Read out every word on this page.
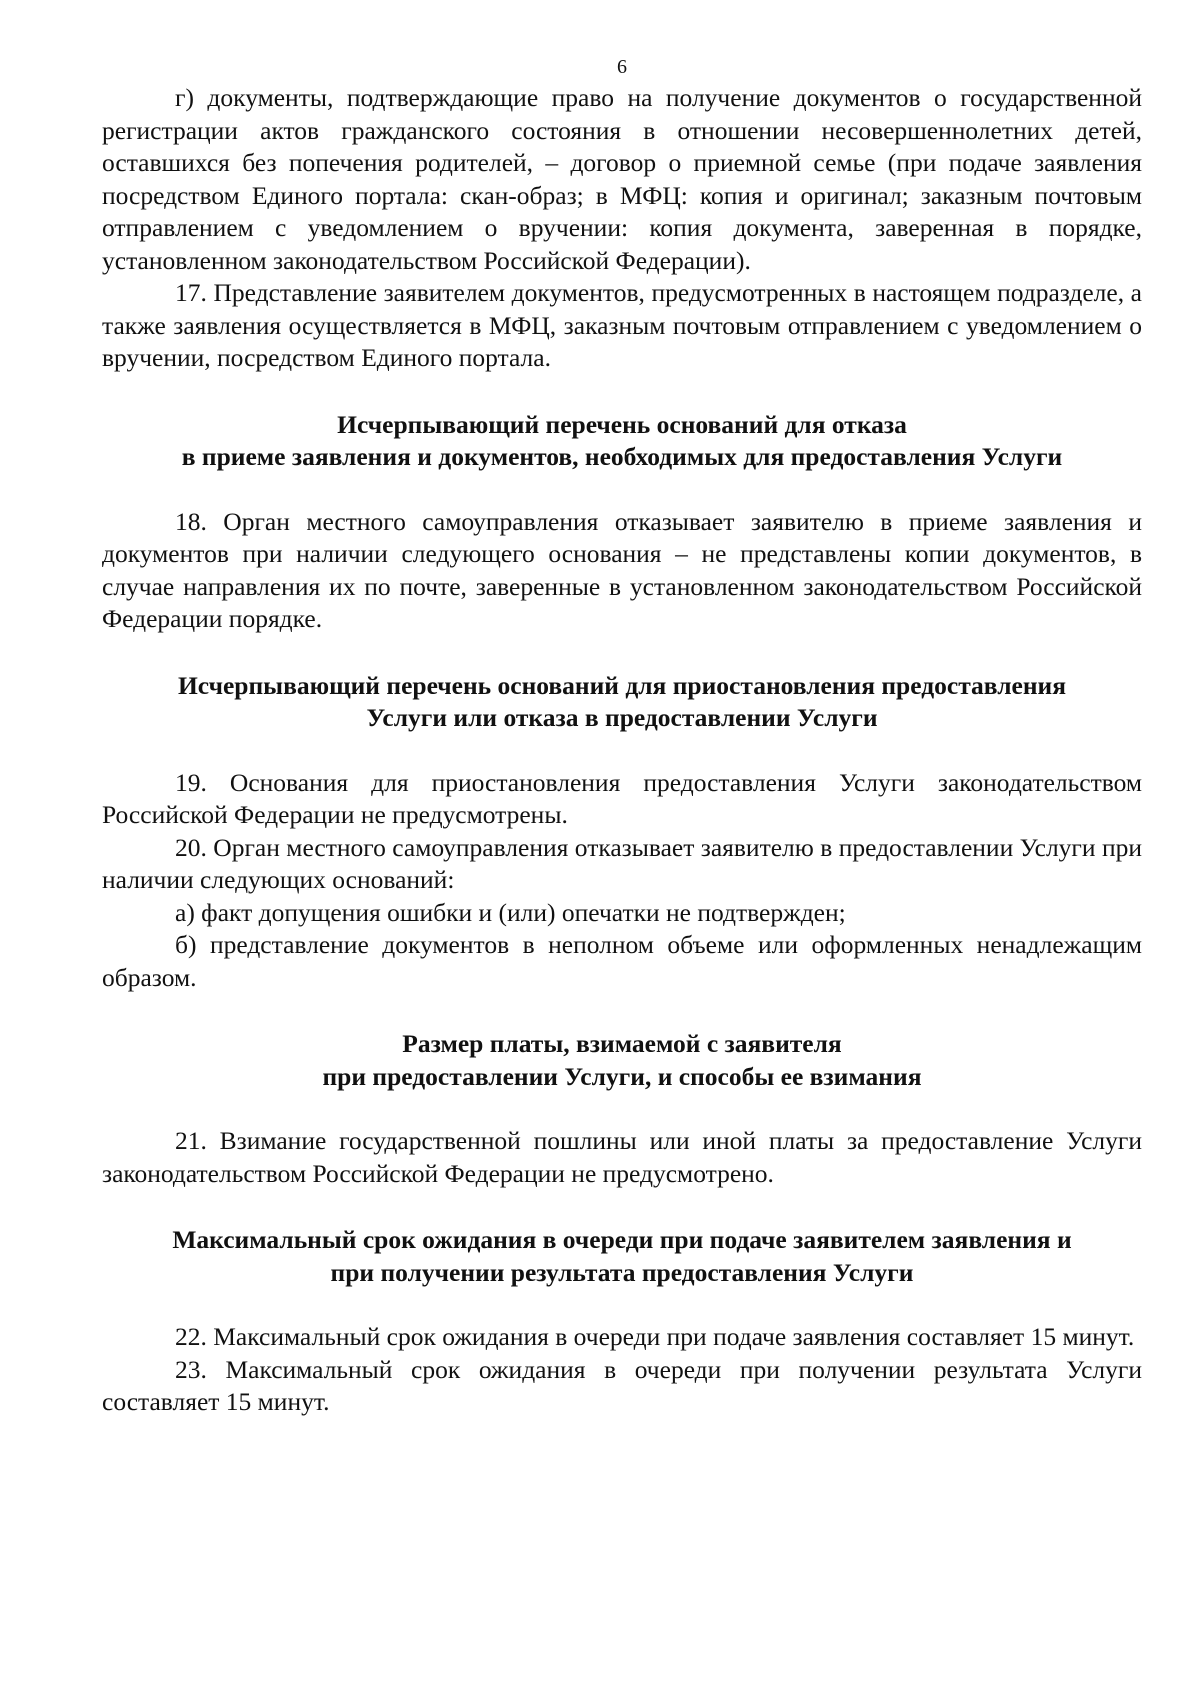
6

г) документы, подтверждающие право на получение документов о государственной регистрации актов гражданского состояния в отношении несовершеннолетних детей, оставшихся без попечения родителей, – договор о приемной семье (при подаче заявления посредством Единого портала: скан-образ; в МФЦ: копия и оригинал; заказным почтовым отправлением с уведомлением о вручении: копия документа, заверенная в порядке, установленном законодательством Российской Федерации).

17. Представление заявителем документов, предусмотренных в настоящем подразделе, а также заявления осуществляется в МФЦ, заказным почтовым отправлением с уведомлением о вручении, посредством Единого портала.

Исчерпывающий перечень оснований для отказа
в приеме заявления и документов, необходимых для предоставления Услуги

18. Орган местного самоуправления отказывает заявителю в приеме заявления и документов при наличии следующего основания – не представлены копии документов, в случае направления их по почте, заверенные в установленном законодательством Российской Федерации порядке.

Исчерпывающий перечень оснований для приостановления предоставления
Услуги или отказа в предоставлении Услуги

19. Основания для приостановления предоставления Услуги законодательством Российской Федерации не предусмотрены.

20. Орган местного самоуправления отказывает заявителю в предоставлении Услуги при наличии следующих оснований:

а) факт допущения ошибки и (или) опечатки не подтвержден;

б) представление документов в неполном объеме или оформленных ненадлежащим образом.

Размер платы, взимаемой с заявителя
при предоставлении Услуги, и способы ее взимания

21. Взимание государственной пошлины или иной платы за предоставление Услуги законодательством Российской Федерации не предусмотрено.

Максимальный срок ожидания в очереди при подаче заявителем заявления и
при получении результата предоставления Услуги

22. Максимальный срок ожидания в очереди при подаче заявления составляет 15 минут.

23. Максимальный срок ожидания в очереди при получении результата Услуги составляет 15 минут.
